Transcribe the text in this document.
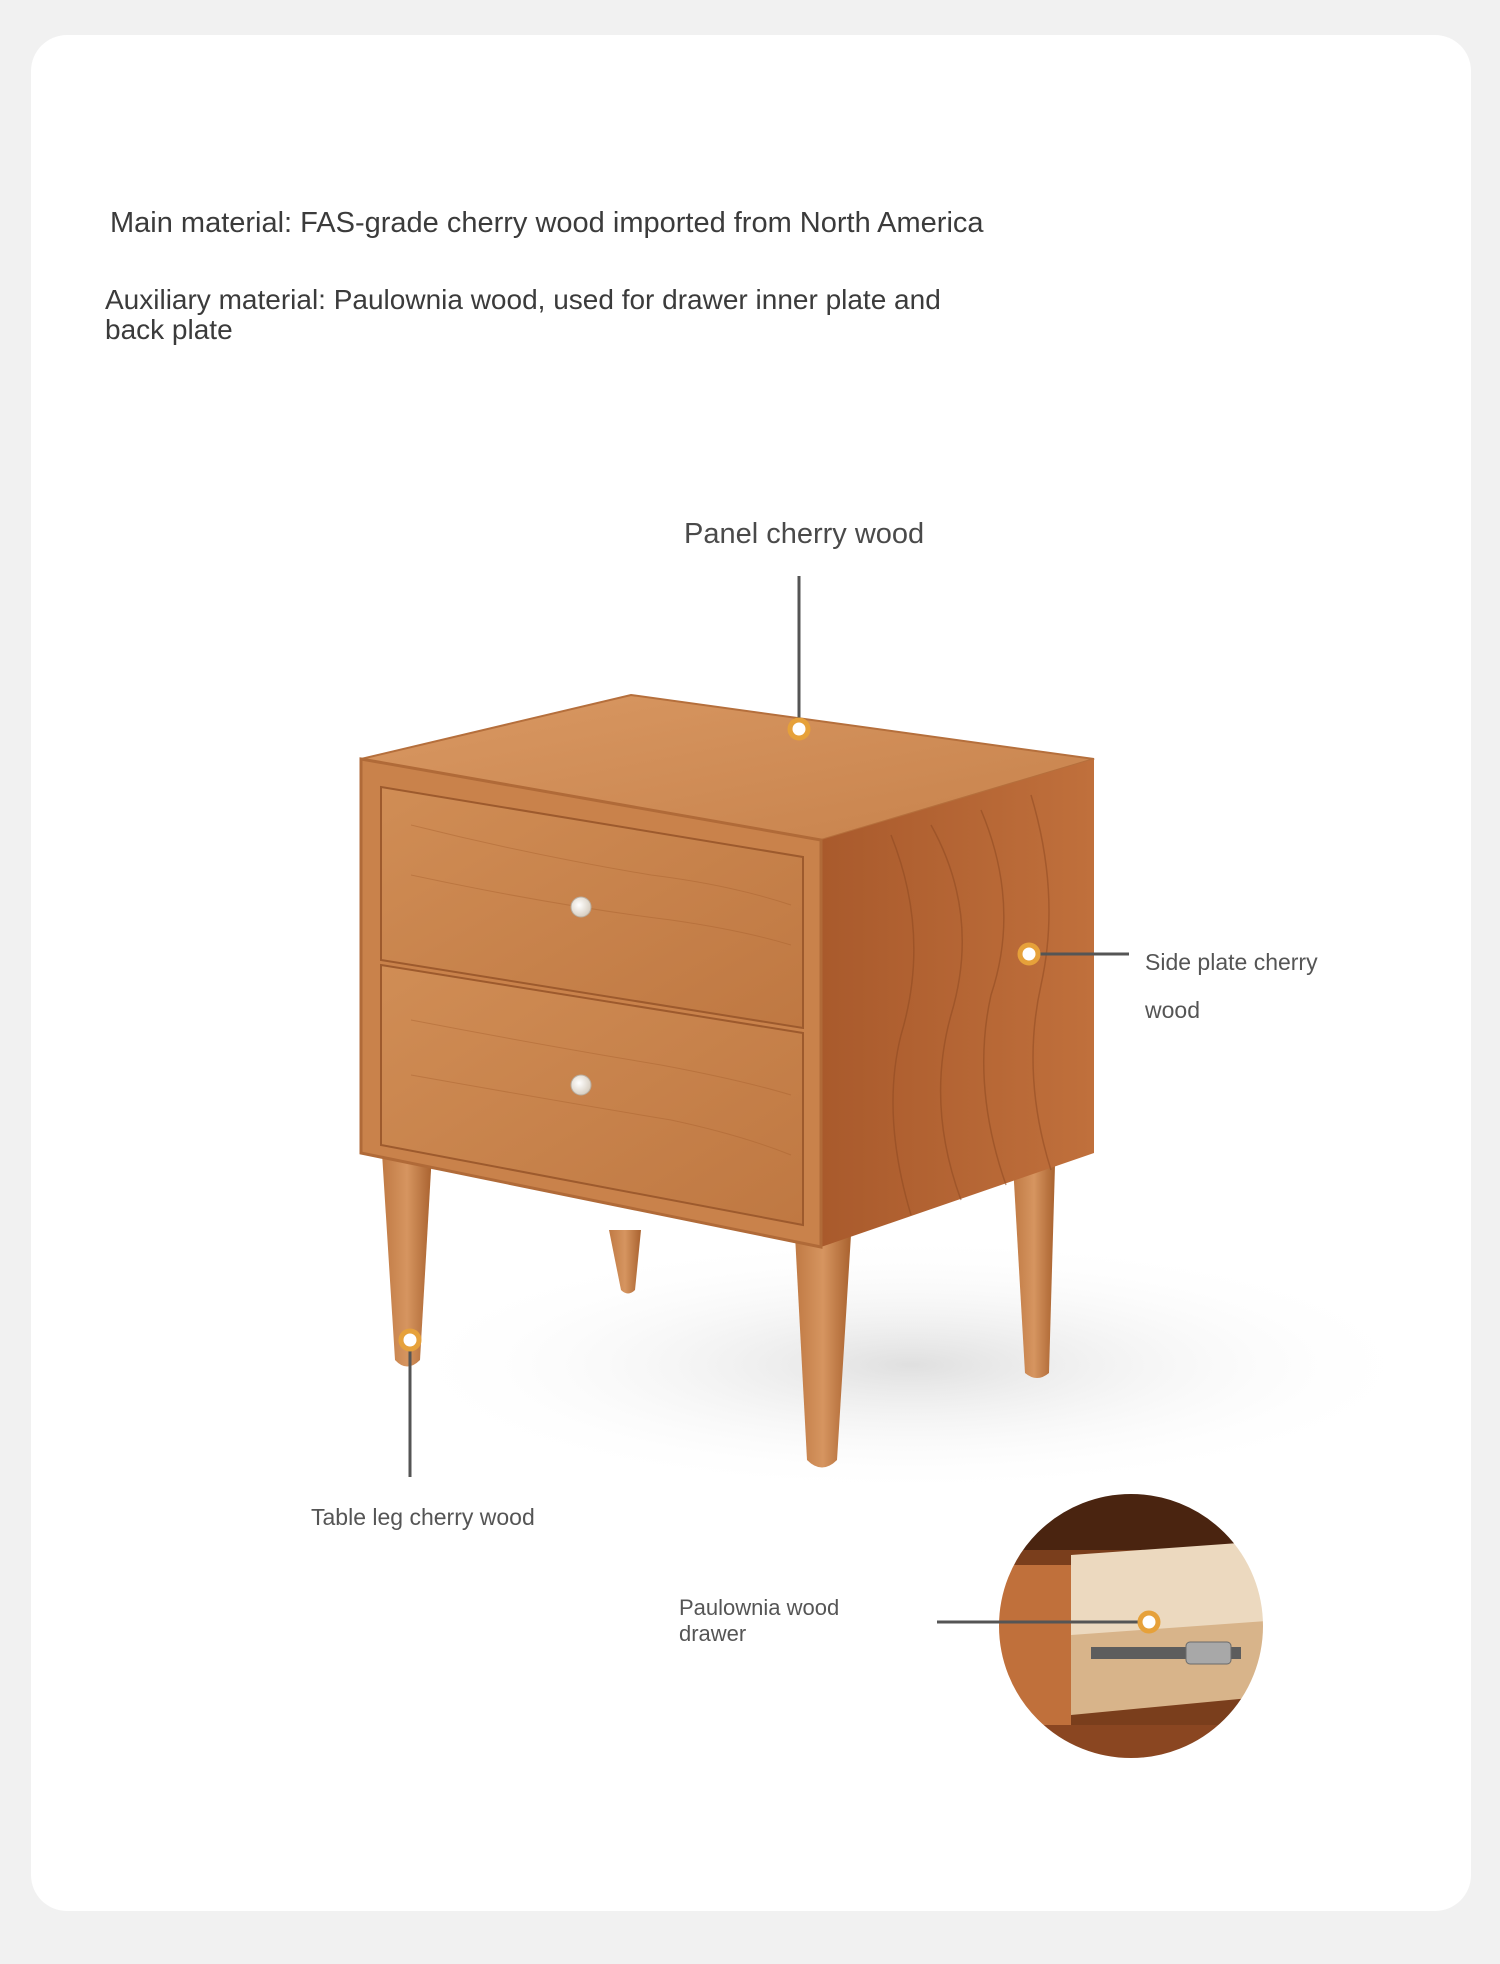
Main material: FAS-grade cherry wood imported from North America

Auxiliary material: Paulownia wood, used for drawer inner plate and back plate

Panel cherry wood

Side plate cherry wood

Table leg cherry wood

Paulownia wood drawer
